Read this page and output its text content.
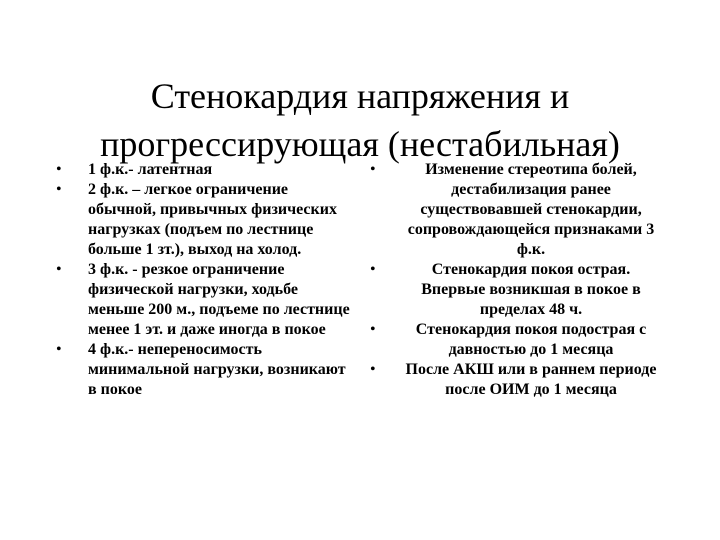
Стенокардия напряжения и
прогрессирующая (нестабильная)
•	1 ф.к.- латентная
•	2 ф.к. – легкое ограничение обычной, привычных физических нагрузках (подъем по лестнице больше 1 зт.), выход на холод.
•	3 ф.к. - резкое ограничение физической нагрузки, ходьбе меньше 200 м., подъеме по лестнице менее 1 эт. и даже иногда в покое
•	4 ф.к.- непереносимость минимальной нагрузки, возникают в покое
•	Изменение стереотипа болей, дестабилизация ранее существовавшей стенокардии, сопровождающейся признаками 3 ф.к.
•	Стенокардия покоя острая. Впервые возникшая в покое в пределах 48 ч.
•	Стенокардия покоя подострая с давностью до 1 месяца
•	После АКШ или в раннем периоде после ОИМ до 1 месяца
